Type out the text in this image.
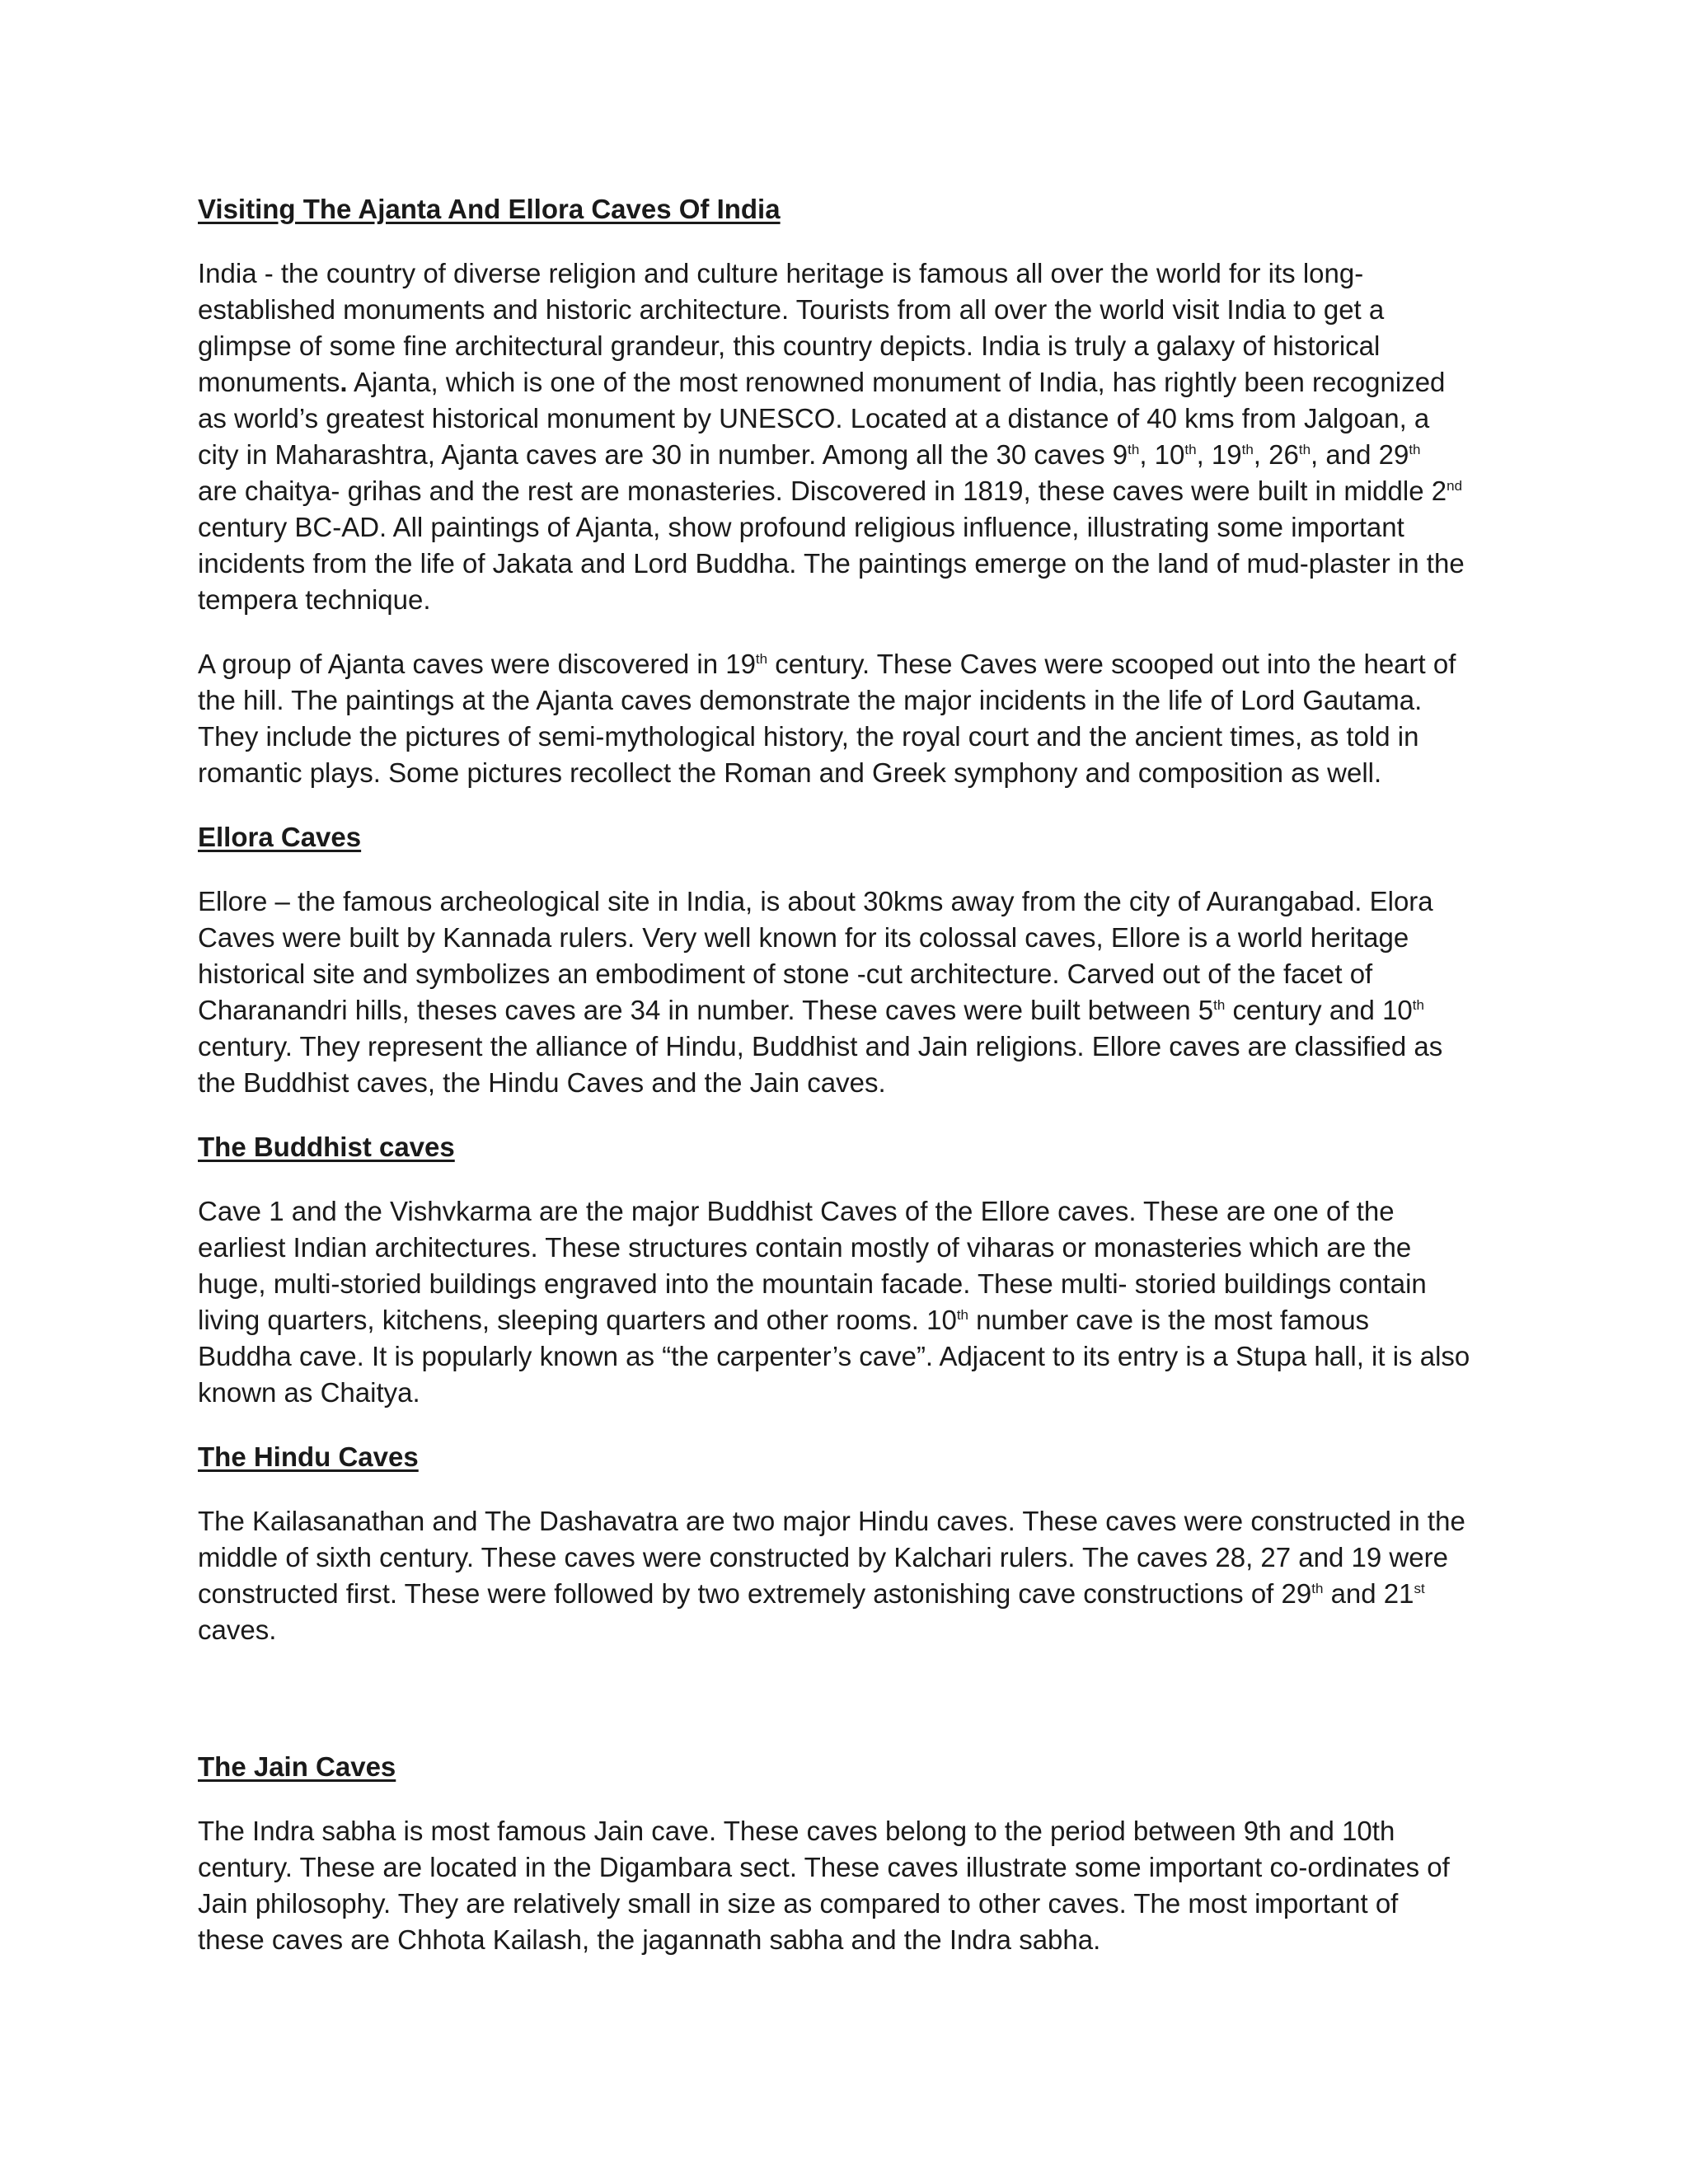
Visiting The Ajanta And Ellora Caves Of India
India - the country of diverse religion and culture heritage is famous all over the world for its long-
established monuments and historic architecture. Tourists from all over the world visit India to get a
glimpse of some fine architectural grandeur, this country depicts. India is truly a galaxy of historical
monuments. Ajanta, which is one of the most renowned monument of India, has rightly been recognized
as world’s greatest historical monument by UNESCO. Located at a distance of 40 kms from Jalgoan, a
city in Maharashtra, Ajanta caves are 30 in number. Among all the 30 caves 9th, 10th, 19th, 26th, and 29th
are chaitya- grihas and the rest are monasteries. Discovered in 1819, these caves were built in middle 2nd
century BC-AD. All paintings of Ajanta, show profound religious influence, illustrating some important
incidents from the life of Jakata and Lord Buddha. The paintings emerge on the land of mud-plaster in the
tempera technique.
A group of Ajanta caves were discovered in 19th century. These Caves were scooped out into the heart of
the hill. The paintings at the Ajanta caves demonstrate the major incidents in the life of Lord Gautama.
They include the pictures of semi-mythological history, the royal court and the ancient times, as told in
romantic plays. Some pictures recollect the Roman and Greek symphony and composition as well.
Ellora Caves
Ellore – the famous archeological site in India, is about 30kms away from the city of Aurangabad. Elora
Caves were built by Kannada rulers. Very well known for its colossal caves, Ellore is a world heritage
historical site and symbolizes an embodiment of stone -cut architecture. Carved out of the facet of
Charanandri hills, theses caves are 34 in number. These caves were built between 5th century and 10th
century. They represent the alliance of Hindu, Buddhist and Jain religions. Ellore caves are classified as
the Buddhist caves, the Hindu Caves and the Jain caves.
The Buddhist caves
Cave 1 and the Vishvkarma are the major Buddhist Caves of the Ellore caves. These are one of the
earliest Indian architectures. These structures contain mostly of viharas or monasteries which are the
huge, multi-storied buildings engraved into the mountain facade. These multi- storied buildings contain
living quarters, kitchens, sleeping quarters and other rooms. 10th number cave is the most famous
Buddha cave. It is popularly known as “the carpenter’s cave”. Adjacent to its entry is a Stupa hall, it is also
known as Chaitya.
The Hindu Caves
The Kailasanathan and The Dashavatra are two major Hindu caves. These caves were constructed in the
middle of sixth century. These caves were constructed by Kalchari rulers. The caves 28, 27 and 19 were
constructed first. These were followed by two extremely astonishing cave constructions of 29th and 21st
caves.
The Jain Caves
The Indra sabha is most famous Jain cave. These caves belong to the period between 9th and 10th
century. These are located in the Digambara sect. These caves illustrate some important co-ordinates of
Jain philosophy. They are relatively small in size as compared to other caves. The most important of
these caves are Chhota Kailash, the jagannath sabha and the Indra sabha.
